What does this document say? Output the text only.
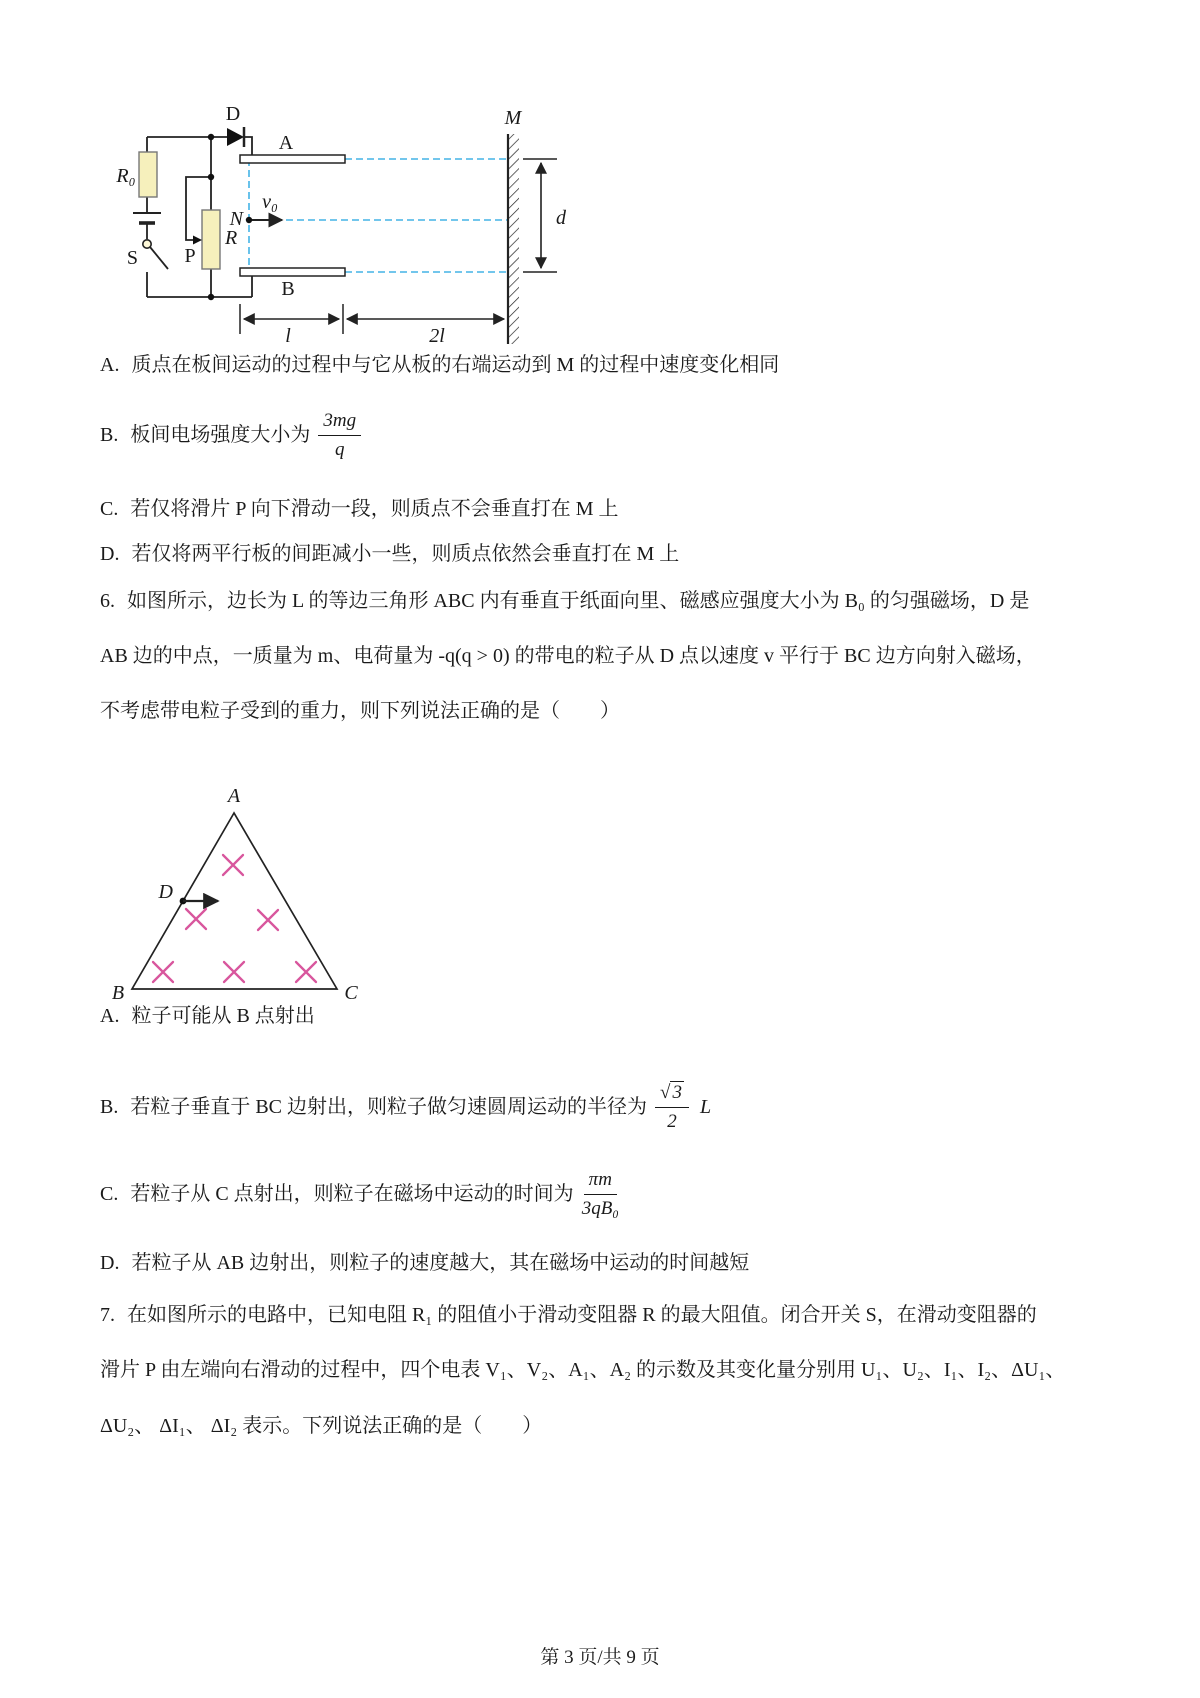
D
R₀
S
R
P
A
B
N
v₀
M
d
l	2l
A. 质点在板间运动的过程中与它从板的右端运动到 M 的过程中速度变化相同
B. 板间电场强度大小为 $\frac{3mg}{q}$
C. 若仅将滑片 P 向下滑动一段，则质点不会垂直打在 M 上
D. 若仅将两平行板的间距减小一些，则质点依然会垂直打在 M 上
6. 如图所示，边长为 L 的等边三角形 ABC 内有垂直于纸面向里、磁感应强度大小为 B₀ 的匀强磁场，D 是
AB 边的中点，一质量为 m、电荷量为 -q(q > 0) 的带电的粒子从 D 点以速度 v 平行于 BC 边方向射入磁场，
不考虑带电粒子受到的重力，则下列说法正确的是（　　）
A
B	C
D
A. 粒子可能从 B 点射出
B. 若粒子垂直于 BC 边射出，则粒子做匀速圆周运动的半径为 $\frac{√ 3}{2}$ L
C. 若粒子从 C 点射出，则粒子在磁场中运动的时间为 $\frac{\pi m}{\text{3qB₀}}$
D. 若粒子从 AB 边射出，则粒子的速度越大，其在磁场中运动的时间越短
7. 在如图所示的电路中，已知电阻 R₁ 的阻值小于滑动变阻器 R 的最大阻值。闭合开关 S，在滑动变阻器的
滑片 P 由左端向右滑动的过程中，四个电表 V₁、V₂、A₁、A₂ 的示数及其变化量分别用 U₁、U₂、I₁、I₂、ΔU₁、
ΔU₂、 ΔI₁、 ΔI₂ 表示。下列说法正确的是（　　）
第 3 页/共 9 页
